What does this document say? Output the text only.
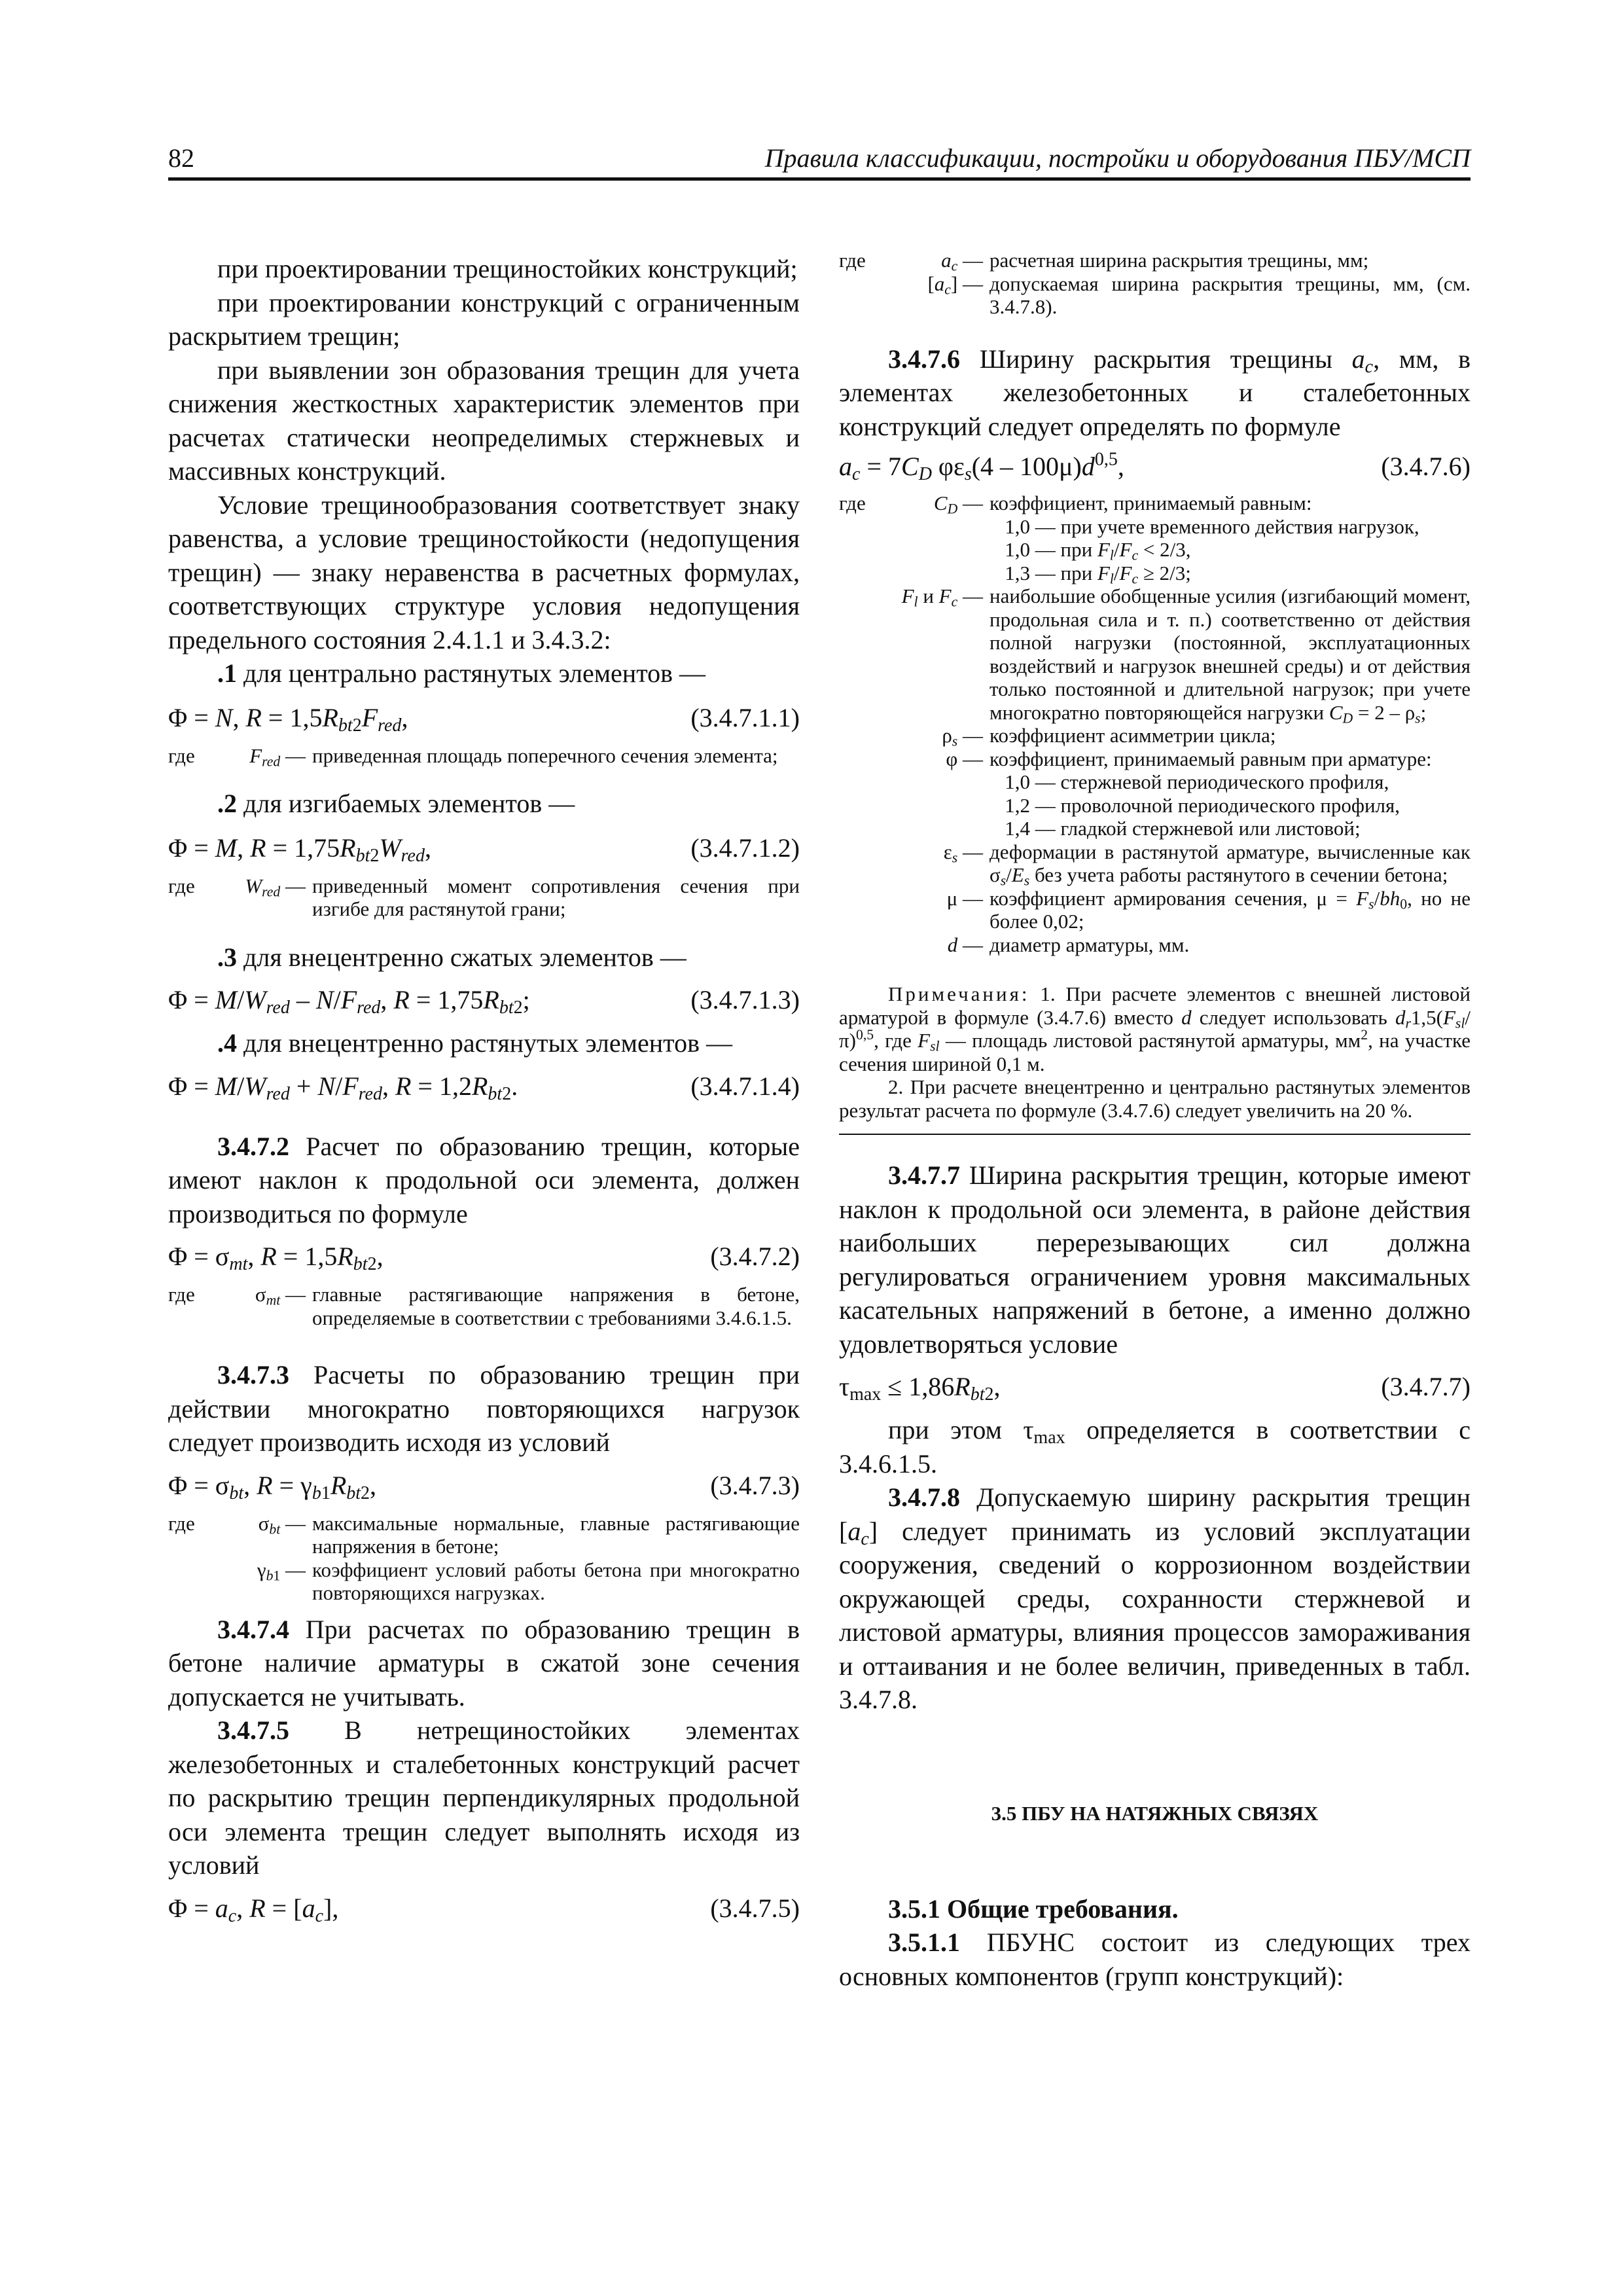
82	Правила классификации, постройки и оборудования ПБУ/МСП

при проектировании трещиностойких конструкций;

при проектировании конструкций с ограниченным раскрытием трещин;

при выявлении зон образования трещин для учета снижения жесткостных характеристик элементов при расчетах статически неопределимых стержневых и массивных конструкций.

Условие трещинообразования соответствует знаку равенства, а условие трещиностойкости (недопущения трещин) — знаку неравенства в расчетных формулах, соответствующих структуре условия недопущения предельного состояния 2.4.1.1 и 3.4.3.2:

.1 для центрально растянутых элементов —

Φ = N, $R = 1,5R_{bt2}F_{red}$,	(3.4.7.1.1)
где	$F_{red}$ — приведенная площадь поперечного сечения элемента;

.2 для изгибаемых элементов —

Φ = M, $R = 1,75R_{bt2}W_{red}$,	(3.4.7.1.2)
где	$W_{red}$ — приведенный момент сопротивления сечения при изгибе для растянутой грани;

.3 для внецентренно сжатых элементов —

$\Phi = M/W_{red} - N/F_{red}$, $R = 1,75R_{bt2}$;	(3.4.7.1.3)

.4 для внецентренно растянутых элементов —

$\Phi = M/W_{red} + N/F_{red}$, $R = 1,2R_{bt2}$.	(3.4.7.1.4)

3.4.7.2 Расчет по образованию трещин, которые имеют наклон к продольной оси элемента, должен производиться по формуле

$\Phi = \sigma_{mt}$, $R = 1,5R_{bt2}$,	(3.4.7.2)
где	$\sigma_{mt}$ — главные растягивающие напряжения в бетоне, определяемые в соответствии с требованиями 3.4.6.1.5.

3.4.7.3 Расчеты по образованию трещин при действии многократно повторяющихся нагрузок следует производить исходя из условий

$\Phi = \sigma_{bt}$, $R = \gamma_{b1}R_{bt2}$,	(3.4.7.3)
где	$\sigma_{bt}$ — максимальные нормальные, главные растягивающие напряжения в бетоне;
$\gamma_{b1}$ — коэффициент условий работы бетона при многократно повторяющихся нагрузках.

3.4.7.4 При расчетах по образованию трещин в бетоне наличие арматуры в сжатой зоне сечения допускается не учитывать.

3.4.7.5 В нетрещиностойких элементах железобетонных и сталебетонных конструкций расчет по раскрытию трещин перпендикулярных продольной оси элемента трещин следует выполнять исходя из условий

$\Phi = a_c$, $R = [a_c]$,	(3.4.7.5)
где	$a_c$ — расчетная ширина раскрытия трещины, мм;
$[a_c]$ — допускаемая ширина раскрытия трещины, мм, (см. 3.4.7.8).

3.4.7.6 Ширину раскрытия трещины $a_c$, мм, в элементах железобетонных и сталебетонных конструкций следует определять по формуле

$a_c = 7C_D$ $\varphi\varepsilon_s(4 - 100\mu)d^{0,5}$,	(3.4.7.6)
где	$C_D$ — коэффициент, принимаемый равным:
1,0 — при учете временного действия нагрузок,
1,0 — при $F_l/F_c < 2/3$,
1,3 — при $F_l/F_c \ge 2/3$;
$F_l$ и $F_c$ — наибольшие обобщенные усилия (изгибающий момент, продольная сила и т. п.) соответственно от действия полной нагрузки (постоянной, эксплуатационных воздействий и нагрузок внешней среды) и от действия только постоянной и длительной нагрузок; при учете многократно повторяющейся нагрузки $C_D = 2 - \rho_s$;
$\rho_s$ — коэффициент асимметрии цикла;
φ — коэффициент, принимаемый равным при арматуре:
1,0 — стержневой периодического профиля,
1,2 — проволочной периодического профиля,
1,4 — гладкой стержневой или листовой;
$\varepsilon_s$ — деформации в растянутой арматуре, вычисленные как $\sigma_s/E_s$ без учета работы растянутого в сечении бетона;
μ — коэффициент армирования сечения, $\mu = F_s/bh_0$, но не более 0,02;
d — диаметр арматуры, мм.
Примечания: 1. При расчете элементов с внешней листовой арматурой в формуле (3.4.7.6) вместо d следует использовать $d_r1,5(F_{sl}/\pi)^{0,5}$, где $F_{sl}$ — площадь листовой растянутой арматуры, $мм^2$, на участке сечения шириной 0,1 м.
2. При расчете внецентренно и центрально растянутых элементов результат расчета по формуле (3.4.7.6) следует увеличить на 20 %.

3.4.7.7 Ширина раскрытия трещин, которые имеют наклон к продольной оси элемента, в районе действия наибольших перерезывающих сил должна регулироваться ограничением уровня максимальных касательных напряжений в бетоне, а именно должно удовлетворяться условие

$\tau_{max} \le 1,86R_{bt2}$,	(3.4.7.7)

при этом $\tau_{max}$ определяется в соответствии с 3.4.6.1.5.

3.4.7.8 Допускаемую ширину раскрытия трещин $[a_c]$ следует принимать из условий эксплуатации сооружения, сведений о коррозионном воздействии окружающей среды, сохранности стержневой и листовой арматуры, влияния процессов замораживания и оттаивания и не более величин, приведенных в табл. 3.4.7.8.

3.5 ПБУ НА НАТЯЖНЫХ СВЯЗЯХ

3.5.1 Общие требования.

3.5.1.1 ПБУНС состоит из следующих трех основных компонентов (групп конструкций):
